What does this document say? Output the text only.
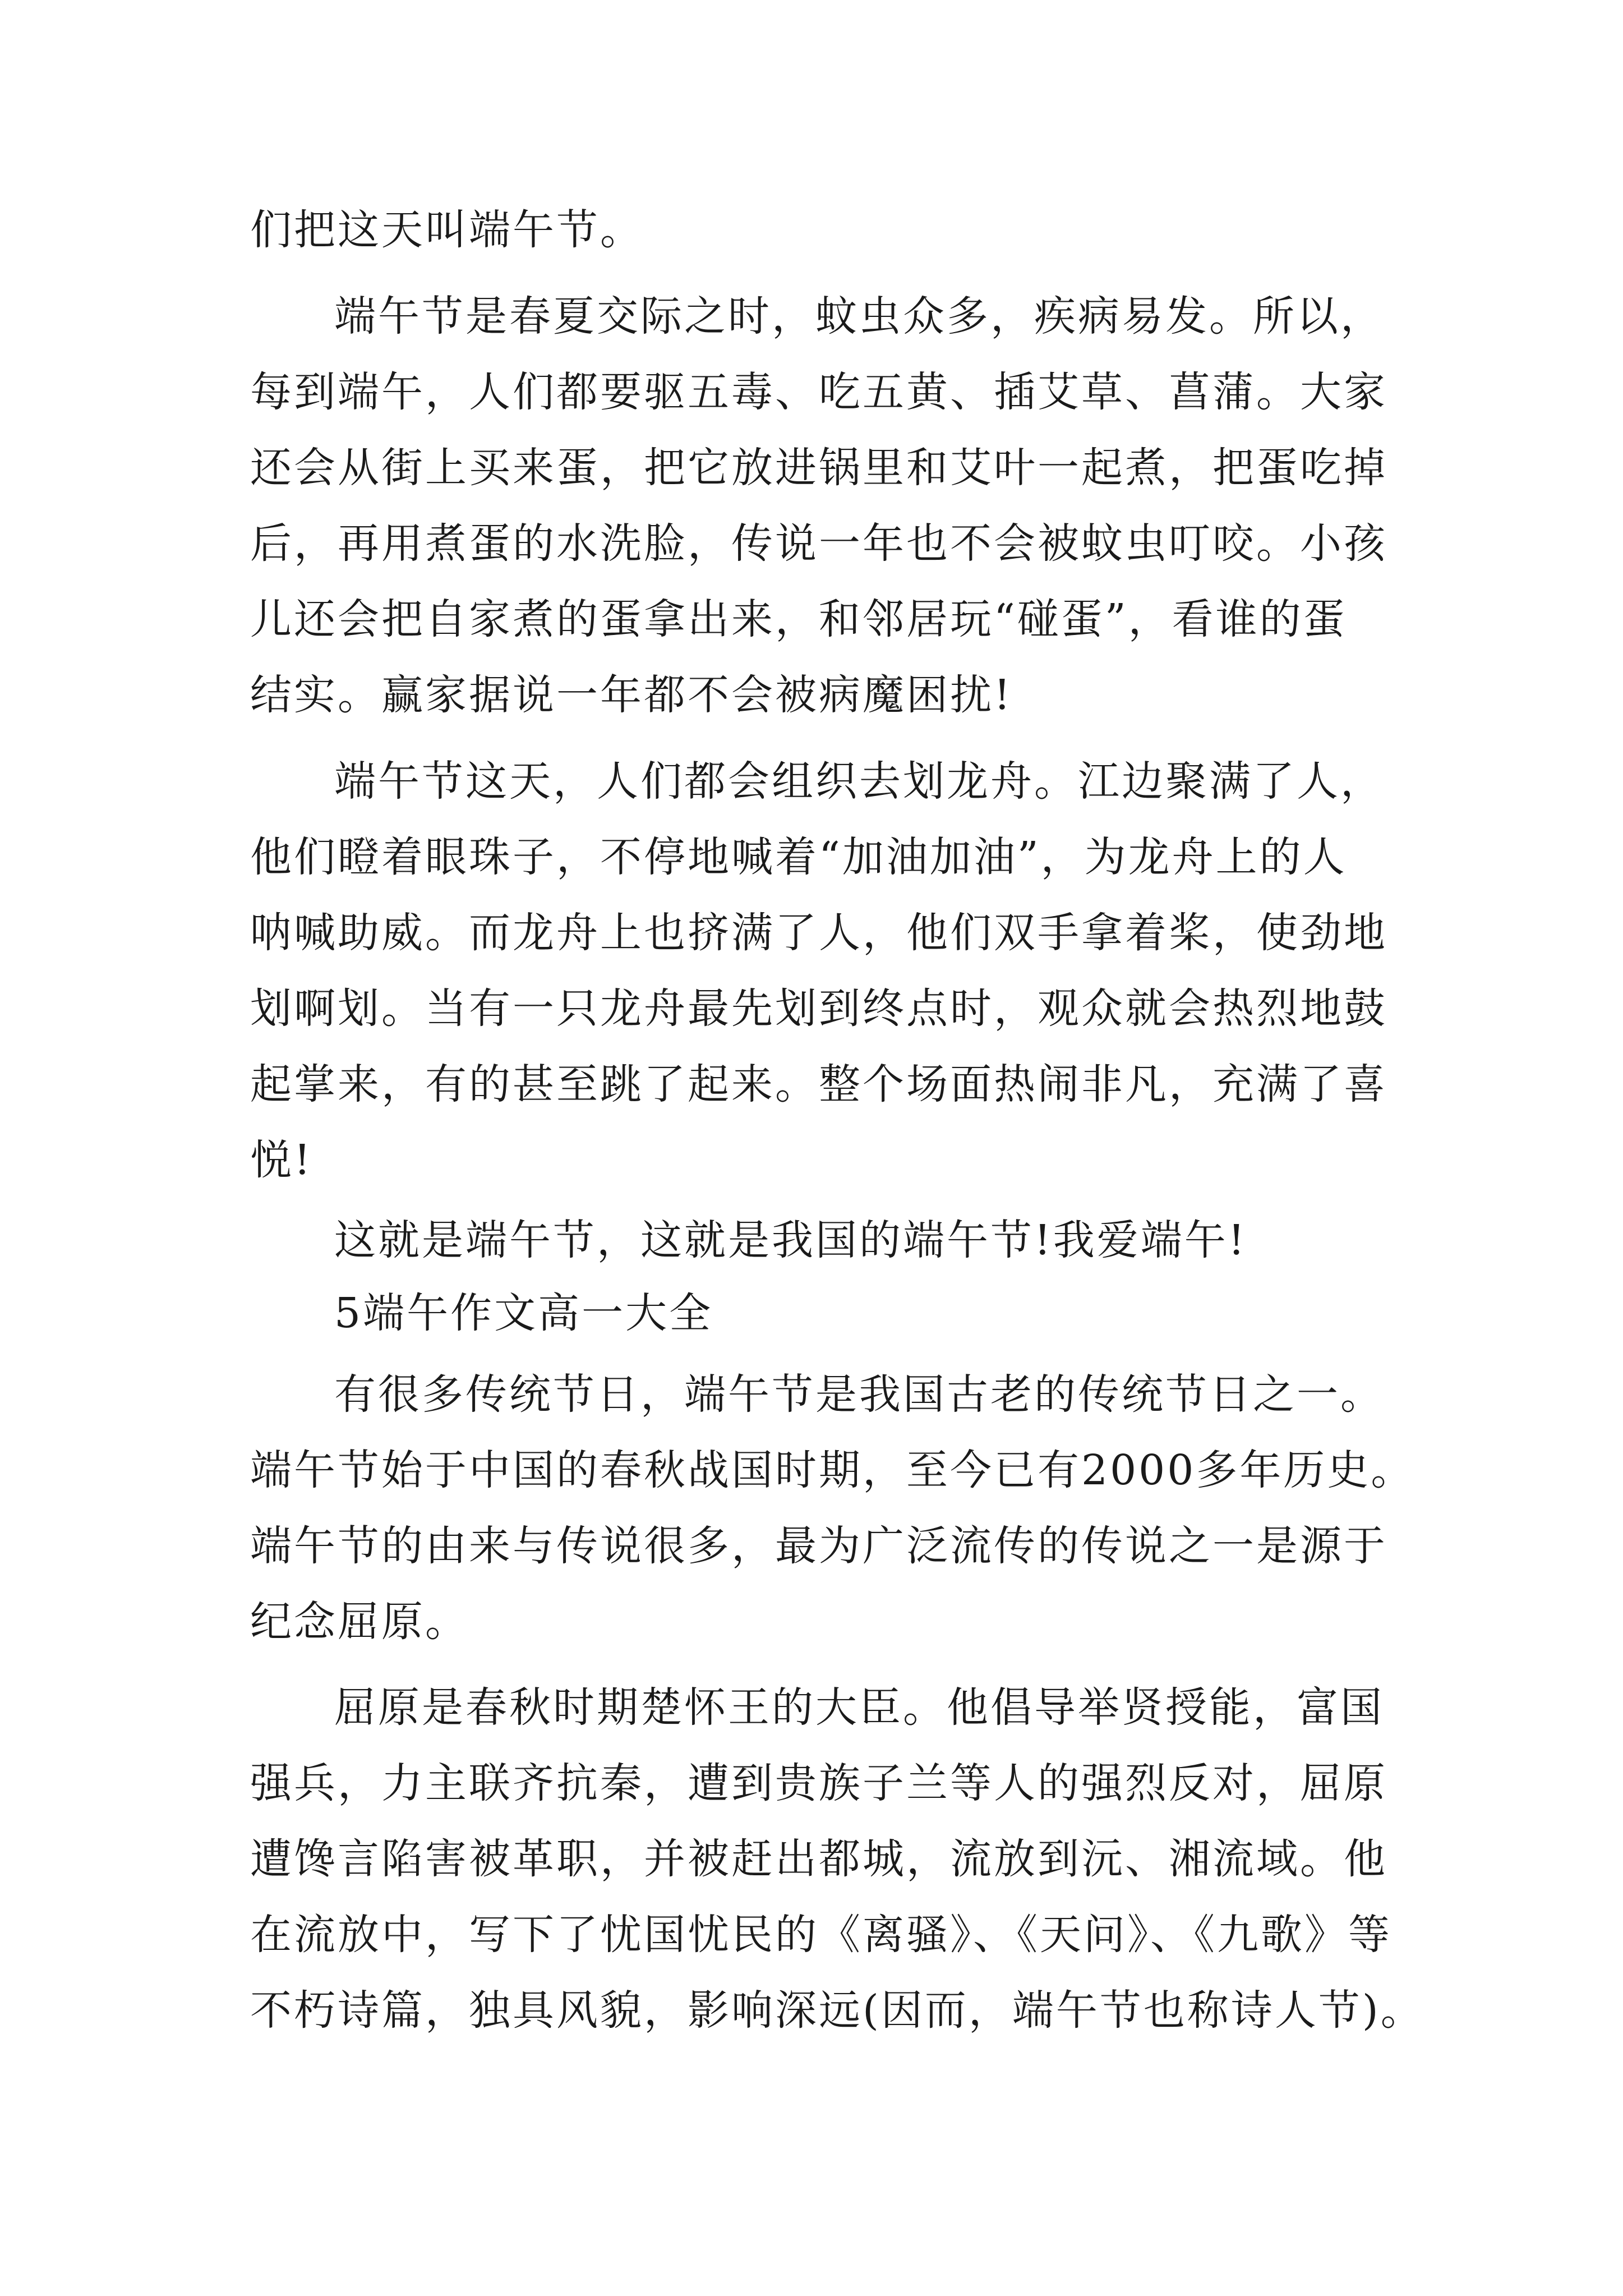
们把这天叫端午节。
端午节是春夏交际之时，蚊虫众多，疾病易发。所以，
每到端午，人们都要驱五毒、吃五黄、插艾草、菖蒲。大家
还会从街上买来蛋，把它放进锅里和艾叶一起煮，把蛋吃掉
后，再用煮蛋的水洗脸，传说一年也不会被蚊虫叮咬。小孩
儿还会把自家煮的蛋拿出来，和邻居玩“碰蛋”，看谁的蛋
结实。赢家据说一年都不会被病魔困扰!
端午节这天，人们都会组织去划龙舟。江边聚满了人，
他们瞪着眼珠子，不停地喊着“加油加油”，为龙舟上的人
呐喊助威。而龙舟上也挤满了人，他们双手拿着桨，使劲地
划啊划。当有一只龙舟最先划到终点时，观众就会热烈地鼓
起掌来，有的甚至跳了起来。整个场面热闹非凡，充满了喜
悦!
这就是端午节，这就是我国的端午节!我爱端午!
5端午作文高一大全
有很多传统节日，端午节是我国古老的传统节日之一。
端午节始于中国的春秋战国时期，至今已有2000多年历史。
端午节的由来与传说很多，最为广泛流传的传说之一是源于
纪念屈原。
屈原是春秋时期楚怀王的大臣。他倡导举贤授能，富国
强兵，力主联齐抗秦，遭到贵族子兰等人的强烈反对，屈原
遭馋言陷害被革职，并被赶出都城，流放到沅、湘流域。他
在流放中，写下了忧国忧民的《离骚》、《天问》、《九歌》等
不朽诗篇，独具风貌，影响深远(因而，端午节也称诗人节)。
